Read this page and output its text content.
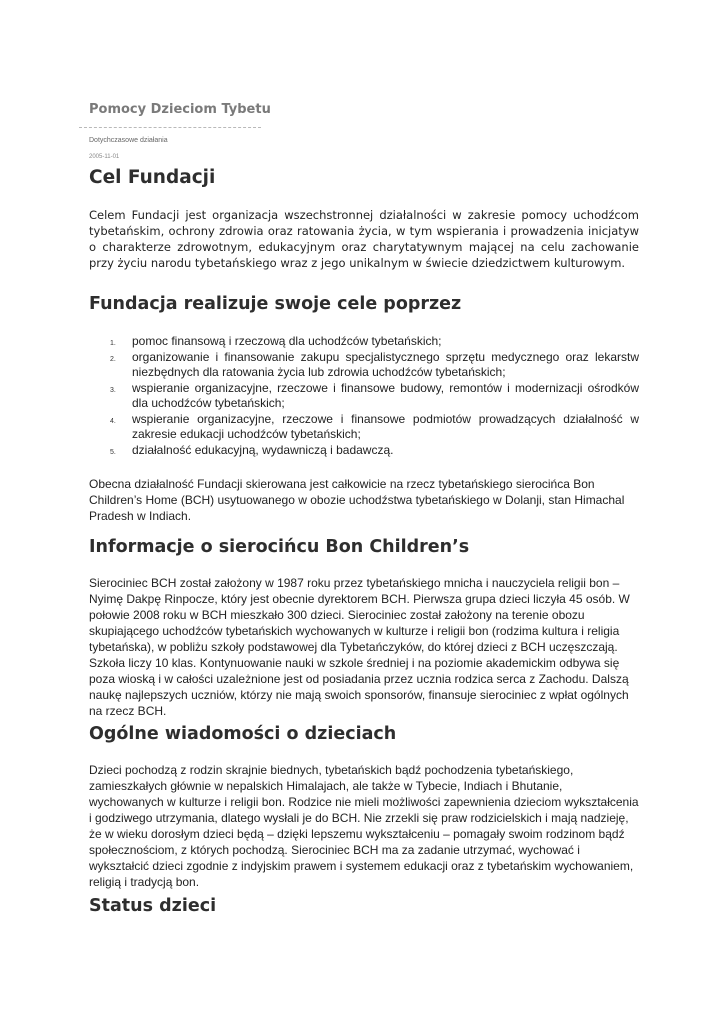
Pomocy Dzieciom Tybetu
Dotychczasowe działania
2005-11-01
Cel Fundacji
Celem Fundacji jest organizacja wszechstronnej działalności w zakresie pomocy uchodźcom tybetańskim, ochrony zdrowia oraz ratowania życia, w tym wspierania i prowadzenia inicjatyw o charakterze zdrowotnym, edukacyjnym oraz charytatywnym mającej na celu zachowanie przy życiu narodu tybetańskiego wraz z jego unikalnym w świecie dziedzictwem kulturowym.
Fundacja realizuje swoje cele poprzez
1. pomoc finansową i rzeczową dla uchodźców tybetańskich;
2. organizowanie i finansowanie zakupu specjalistycznego sprzętu medycznego oraz lekarstw niezbędnych dla ratowania życia lub zdrowia uchodźców tybetańskich;
3. wspieranie organizacyjne, rzeczowe i finansowe budowy, remontów i modernizacji ośrodków dla uchodźców tybetańskich;
4. wspieranie organizacyjne, rzeczowe i finansowe podmiotów prowadzących działalność w zakresie edukacji uchodźców tybetańskich;
5. działalność edukacyjną, wydawniczą i badawczą.
Obecna działalność Fundacji skierowana jest całkowicie na rzecz tybetańskiego sierocińca Bon Children’s Home (BCH) usytuowanego w obozie uchodźstwa tybetańskiego w Dolanji, stan Himachal Pradesh w Indiach.
Informacje o sierocińcu Bon Children’s
Sierociniec BCH został założony w 1987 roku przez tybetańskiego mnicha i nauczyciela religii bon – Nyimę Dakpę Rinpocze, który jest obecnie dyrektorem BCH. Pierwsza grupa dzieci liczyła 45 osób. W połowie 2008 roku w BCH mieszkało 300 dzieci. Sierociniec został założony na terenie obozu skupiającego uchodźców tybetańskich wychowanych w kulturze i religii bon (rodzima kultura i religia tybetańska), w pobliżu szkoły podstawowej dla Tybetańczyków, do której dzieci z BCH uczęszczają. Szkoła liczy 10 klas. Kontynuowanie nauki w szkole średniej i na poziomie akademickim odbywa się poza wioską i w całości uzależnione jest od posiadania przez ucznia rodzica serca z Zachodu. Dalszą naukę najlepszych uczniów, którzy nie mają swoich sponsorów, finansuje sierociniec z wpłat ogólnych na rzecz BCH.
Ogólne wiadomości o dzieciach
Dzieci pochodzą z rodzin skrajnie biednych, tybetańskich bądź pochodzenia tybetańskiego, zamieszkałych głównie w nepalskich Himalajach, ale także w Tybecie, Indiach i Bhutanie, wychowanych w kulturze i religii bon. Rodzice nie mieli możliwości zapewnienia dzieciom wykształcenia i godziwego utrzymania, dlatego wysłali je do BCH. Nie zrzekli się praw rodzicielskich i mają nadzieję, że w wieku dorosłym dzieci będą – dzięki lepszemu wykształceniu – pomagały swoim rodzinom bądź społecznościom, z których pochodzą. Sierociniec BCH ma za zadanie utrzymać, wychować i wykształcić dzieci zgodnie z indyjskim prawem i systemem edukacji oraz z tybetańskim wychowaniem, religią i tradycją bon.
Status dzieci
